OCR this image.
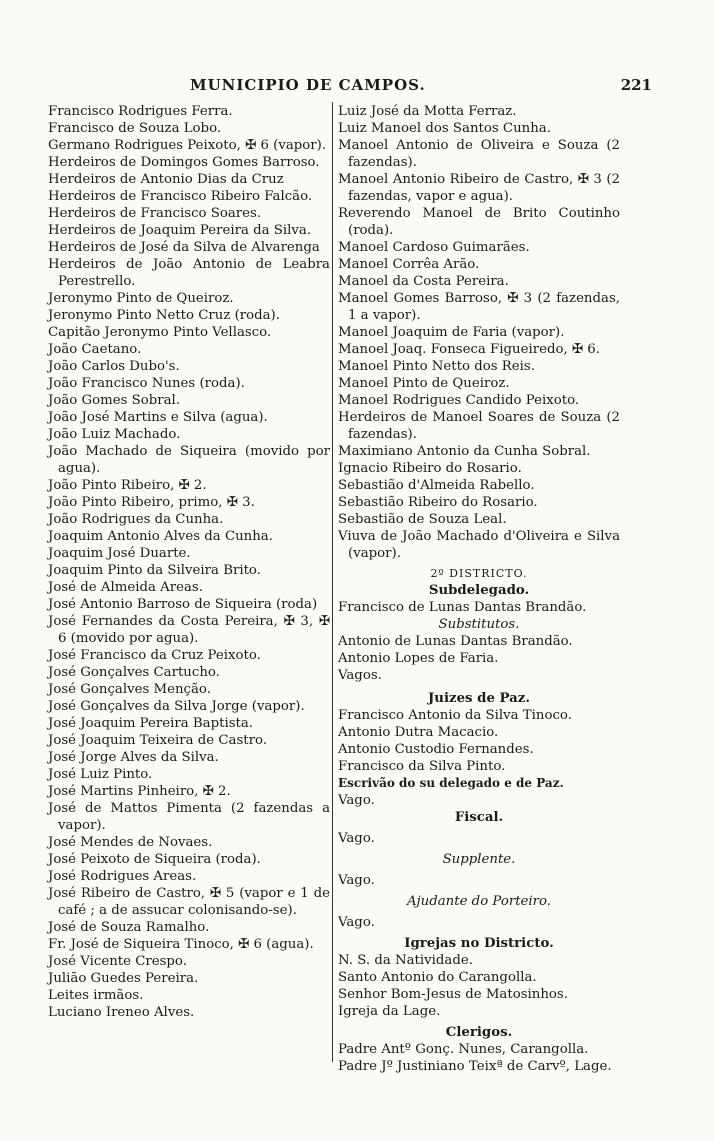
MUNICIPIO DE CAMPOS.	221
Francisco Rodrigues Ferra.
Francisco de Souza Lobo.
Germano Rodrigues Peixoto, ✠ 6 (vapor).
Herdeiros de Domingos Gomes Barroso.
Herdeiros de Antonio Dias da Cruz
Herdeiros de Francisco Ribeiro Falcão.
Herdeiros de Francisco Soares.
Herdeiros de Joaquim Pereira da Silva.
Herdeiros de José da Silva de Alvarenga
Herdeiros de João Antonio de Leabra Perestrello.
Jeronymo Pinto de Queiroz.
Jeronymo Pinto Netto Cruz (roda).
Capitão Jeronymo Pinto Vellasco.
João Caetano.
João Carlos Dubo's.
João Francisco Nunes (roda).
João Gomes Sobral.
João José Martins e Silva (agua).
João Luiz Machado.
João Machado de Siqueira (movido por agua).
João Pinto Ribeiro, ✠ 2.
João Pinto Ribeiro, primo, ✠ 3.
João Rodrigues da Cunha.
Joaquim Antonio Alves da Cunha.
Joaquim José Duarte.
Joaquim Pinto da Silveira Brito.
José de Almeida Areas.
José Antonio Barroso de Siqueira (roda)
José Fernandes da Costa Pereira, ✠ 3, ✠ 6 (movido por agua).
José Francisco da Cruz Peixoto.
José Gonçalves Cartucho.
José Gonçalves Menção.
José Gonçalves da Silva Jorge (vapor).
José Joaquim Pereira Baptista.
José Joaquim Teixeira de Castro.
José Jorge Alves da Silva.
José Luiz Pinto.
José Martins Pinheiro, ✠ 2.
José de Mattos Pimenta (2 fazendas a vapor).
José Mendes de Novaes.
José Peixoto de Siqueira (roda).
José Rodrigues Areas.
José Ribeiro de Castro, ✠ 5 (vapor e 1 de café ; a de assucar colonisando-se).
José de Souza Ramalho.
Fr. José de Siqueira Tinoco, ✠ 6 (agua).
José Vicente Crespo.
Julião Guedes Pereira.
Leites irmãos.
Luciano Ireneo Alves.
Luiz José da Motta Ferraz.
Luiz Manoel dos Santos Cunha.
Manoel Antonio de Oliveira e Souza (2 fazendas).
Manoel Antonio Ribeiro de Castro, ✠ 3 (2 fazendas, vapor e agua).
Reverendo Manoel de Brito Coutinho (roda).
Manoel Cardoso Guimarães.
Manoel Corrêa Arão.
Manoel da Costa Pereira.
Manoel Gomes Barroso, ✠ 3 (2 fazendas, 1 a vapor).
Manoel Joaquim de Faria (vapor).
Manoel Joaq. Fonseca Figueiredo, ✠ 6.
Manoel Pinto Netto dos Reis.
Manoel Pinto de Queiroz.
Manoel Rodrigues Candido Peixoto.
Herdeiros de Manoel Soares de Souza (2 fazendas).
Maximiano Antonio da Cunha Sobral.
Ignacio Ribeiro do Rosario.
Sebastião d'Almeida Rabello.
Sebastião Ribeiro do Rosario.
Sebastião de Souza Leal.
Viuva de João Machado d'Oliveira e Silva (vapor).
2º DISTRICTO.
Subdelegado.
Francisco de Lunas Dantas Brandão.
Substitutos.
Antonio de Lunas Dantas Brandão.
Antonio Lopes de Faria.
Vagos.
Juizes de Paz.
Francisco Antonio da Silva Tinoco.
Antonio Dutra Macacio.
Antonio Custodio Fernandes.
Francisco da Silva Pinto.
Escrivão do su delegado e de Paz.
Vago.
Fiscal.
Vago.
Supplente.
Vago.
Ajudante do Porteiro.
Vago.
Igrejas no Districto.
N. S. da Natividade.
Santo Antonio do Carangolla.
Senhor Bom-Jesus de Matosinhos.
Igreja da Lage.
Clerigos.
Padre Antº Gonç. Nunes, Carangolla.
Padre Jº Justiniano Teixª de Carvº, Lage.
